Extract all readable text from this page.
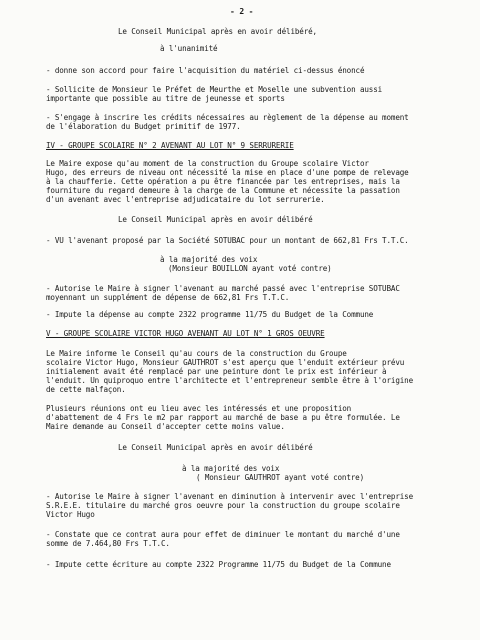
- 2 -
Le Conseil Municipal après en avoir délibéré,
à l'unanimité
- donne son accord pour faire l'acquisition du matériel ci-dessus énoncé
- Sollicite de Monsieur le Préfet de Meurthe et Moselle une subvention aussi
importante que possible au titre de jeunesse et sports
- S'engage à inscrire les crédits nécessaires au règlement de la dépense au moment
de l'élaboration du Budget primitif de 1977.
IV - GROUPE SCOLAIRE N° 2 AVENANT AU LOT N° 9 SERRURERIE
Le Maire expose qu'au moment de la construction du Groupe scolaire Victor
Hugo, des erreurs de niveau ont nécessité la mise en place d'une pompe de relevage
à la chaufferie. Cette opération a pu être financée par les entreprises, mais la
fourniture du regard demeure à la charge de la Commune et nécessite la passation
d'un avenant avec l'entreprise adjudicataire du lot serrurerie.
Le Conseil Municipal après en avoir délibéré
- VU l'avenant proposé par la Société SOTUBAC pour un montant de 662,81 Frs T.T.C.
à la majorité des voix
(Monsieur BOUILLON ayant voté contre)
- Autorise le Maire à signer l'avenant au marché passé avec l'entreprise SOTUBAC
moyennant un supplément de dépense de 662,81 Frs T.T.C.
- Impute la dépense au compte 2322 programme 11/75 du Budget de la Commune
V - GROUPE SCOLAIRE VICTOR HUGO AVENANT AU LOT N° 1 GROS OEUVRE
Le Maire informe le Conseil qu'au cours de la construction du Groupe
scolaire Victor Hugo, Monsieur GAUTHROT s'est aperçu que l'enduit extérieur prévu
initialement avait été remplacé par une peinture dont le prix est inférieur à
l'enduit. Un quiproquo entre l'architecte et l'entrepreneur semble être à l'origine
de cette malfaçon.
Plusieurs réunions ont eu lieu avec les intéressés et une proposition
d'abattement de 4 Frs le m2 par rapport au marché de base a pu être formulée. Le
Maire demande au Conseil d'accepter cette moins value.
Le Conseil Municipal après en avoir délibéré
à la majorité des voix
( Monsieur GAUTHROT ayant voté contre)
- Autorise le Maire à signer l'avenant en diminution à intervenir avec l'entreprise
S.R.E.E. titulaire du marché gros oeuvre pour la construction du groupe scolaire
Victor Hugo
- Constate que ce contrat aura pour effet de diminuer le montant du marché d'une
somme de 7.464,80 Frs T.T.C.
- Impute cette écriture au compte 2322 Programme 11/75 du Budget de la Commune
